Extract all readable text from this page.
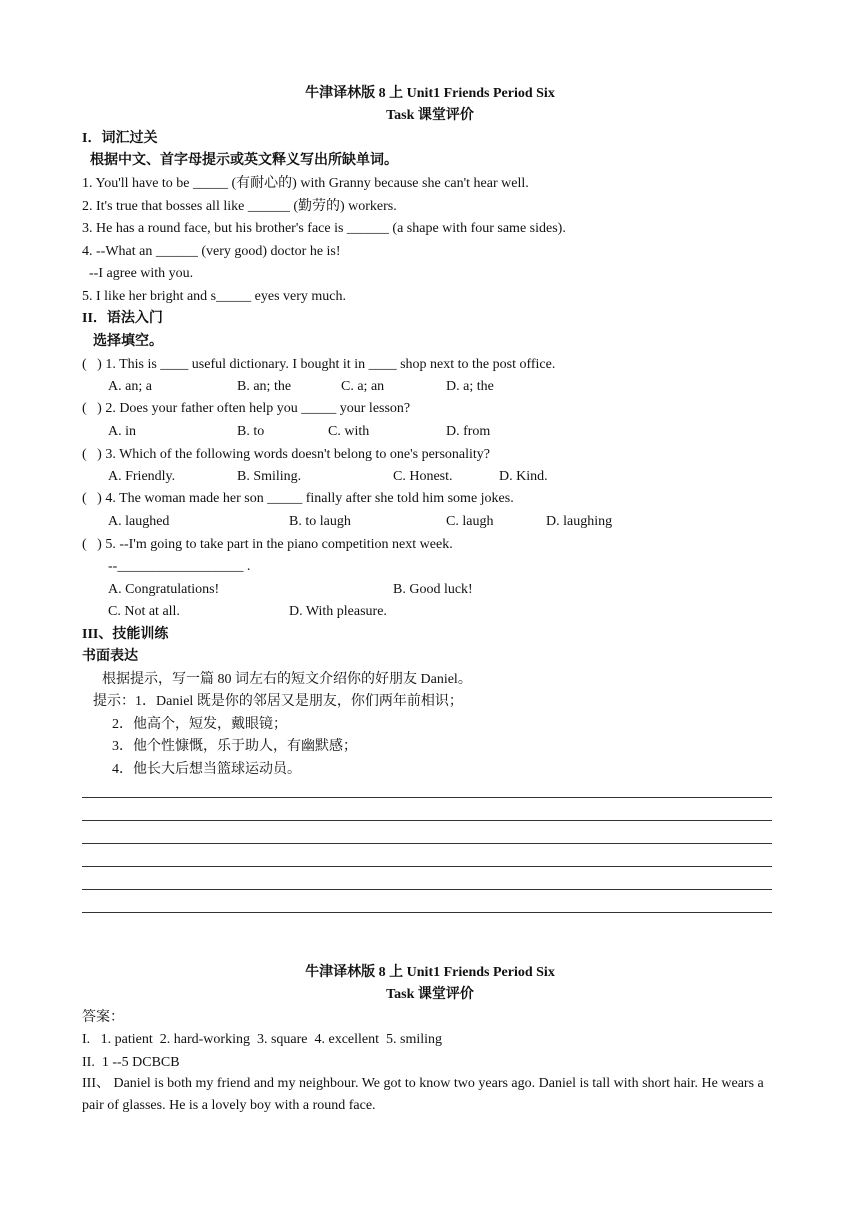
牛津译林版 8 上 Unit1 Friends Period Six
Task 课堂评价
I．词汇过关
根据中文、首字母提示或英文释义写出所缺单词。
1. You'll have to be _____ (有耐心的) with Granny because she can't hear well.
2. It's true that bosses all like ______ (勤劳的) workers.
3. He has a round face, but his brother's face is ______ (a shape with four same sides).
4. --What an ______ (very good) doctor he is!
--I agree with you.
5. I like her bright and s_____ eyes very much.
II．语法入门
选择填空。
(   ) 1. This is ____ useful dictionary. I bought it in ____ shop next to the post office.
A. an; a	B. an; the	C. a; an	D. a; the
(   ) 2. Does your father often help you _____ your lesson?
A. in	B. to	C. with	D. from
(   ) 3. Which of the following words doesn't belong to one's personality?
A. Friendly.	B. Smiling.	C. Honest.	D. Kind.
(   ) 4. The woman made her son _____ finally after she told him some jokes.
A. laughed	B. to laugh	C. laugh	D. laughing
(   ) 5. --I'm going to take part in the piano competition next week.
--__________________ .
A. Congratulations!	B. Good luck!
C. Not at all.	D. With pleasure.
III、技能训练
书面表达
根据提示，写一篇 80 词左右的短文介绍你的好朋友 Daniel。
提示：1．Daniel 既是你的邻居又是朋友，你们两年前相识；
2．他高个，短发，戴眼镜；
3．他个性慷慨，乐于助人，有幽默感；
4．他长大后想当篮球运动员。
牛津译林版 8 上 Unit1 Friends Period Six
Task 课堂评价
答案：
I.   1. patient  2. hard-working  3. square  4. excellent  5. smiling
II.  1 --5 DCBCB
III、 Daniel is both my friend and my neighbour. We got to know two years ago. Daniel is tall with short hair. He wears a pair of glasses. He is a lovely boy with a round face.
